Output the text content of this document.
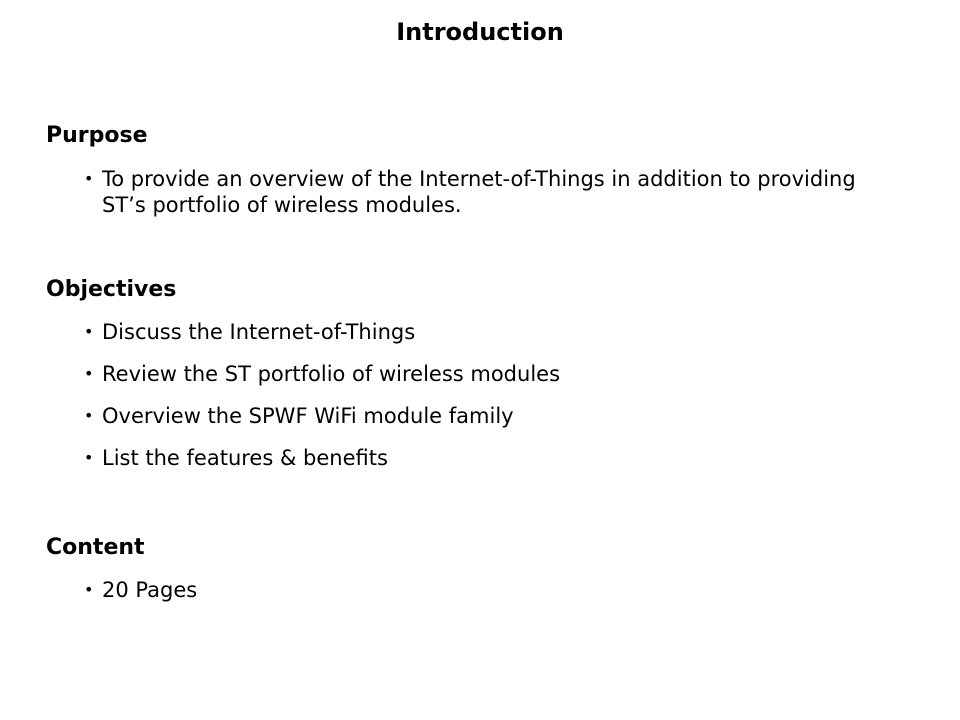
Introduction
Purpose
• To provide an overview of the Internet-of-Things in addition to providing ST’s portfolio of wireless modules.
Objectives
• Discuss the Internet-of-Things
• Review the ST portfolio of wireless modules
• Overview the SPWF WiFi module family
• List the features & benefits
Content
• 20 Pages
